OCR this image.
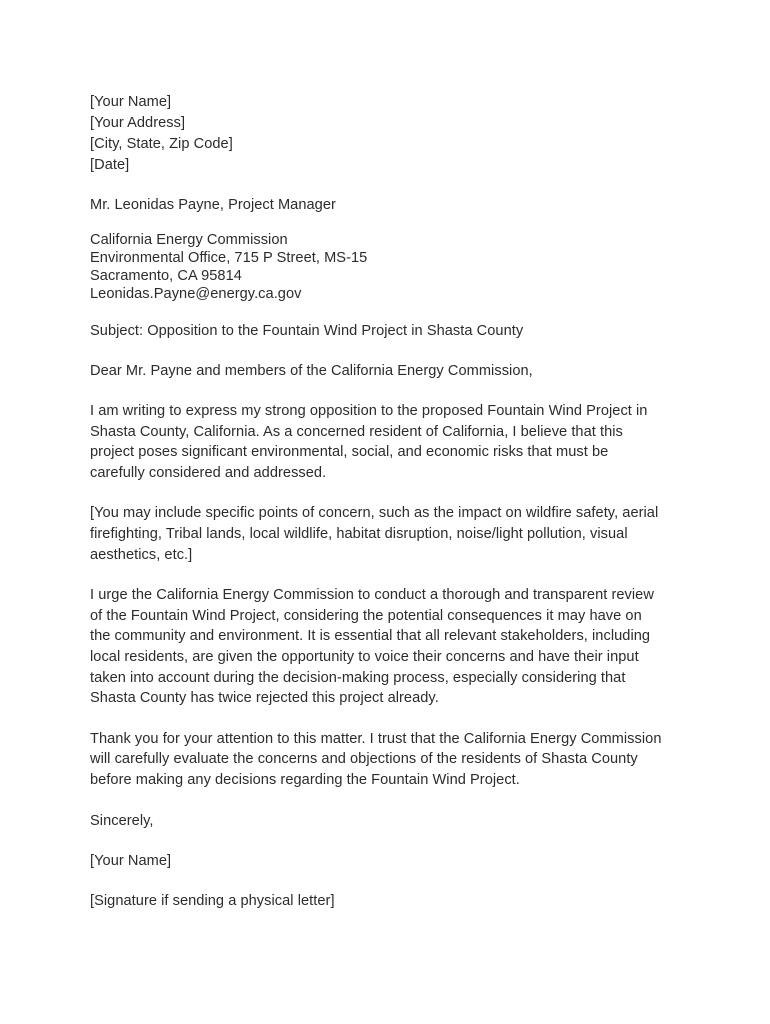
[Your Name]
[Your Address]
[City, State, Zip Code]
[Date]
Mr. Leonidas Payne, Project Manager
California Energy Commission
Environmental Office, 715 P Street, MS-15
Sacramento, CA 95814
Leonidas.Payne@energy.ca.gov
Subject: Opposition to the Fountain Wind Project in Shasta County
Dear Mr. Payne and members of the California Energy Commission,
I am writing to express my strong opposition to the proposed Fountain Wind Project in
Shasta County, California. As a concerned resident of California, I believe that this
project poses significant environmental, social, and economic risks that must be
carefully considered and addressed.
[You may include specific points of concern, such as the impact on wildfire safety, aerial
firefighting, Tribal lands, local wildlife, habitat disruption, noise/light pollution, visual
aesthetics, etc.]
I urge the California Energy Commission to conduct a thorough and transparent review
of the Fountain Wind Project, considering the potential consequences it may have on
the community and environment. It is essential that all relevant stakeholders, including
local residents, are given the opportunity to voice their concerns and have their input
taken into account during the decision-making process, especially considering that
Shasta County has twice rejected this project already.
Thank you for your attention to this matter. I trust that the California Energy Commission
will carefully evaluate the concerns and objections of the residents of Shasta County
before making any decisions regarding the Fountain Wind Project.
Sincerely,
[Your Name]
[Signature if sending a physical letter]
